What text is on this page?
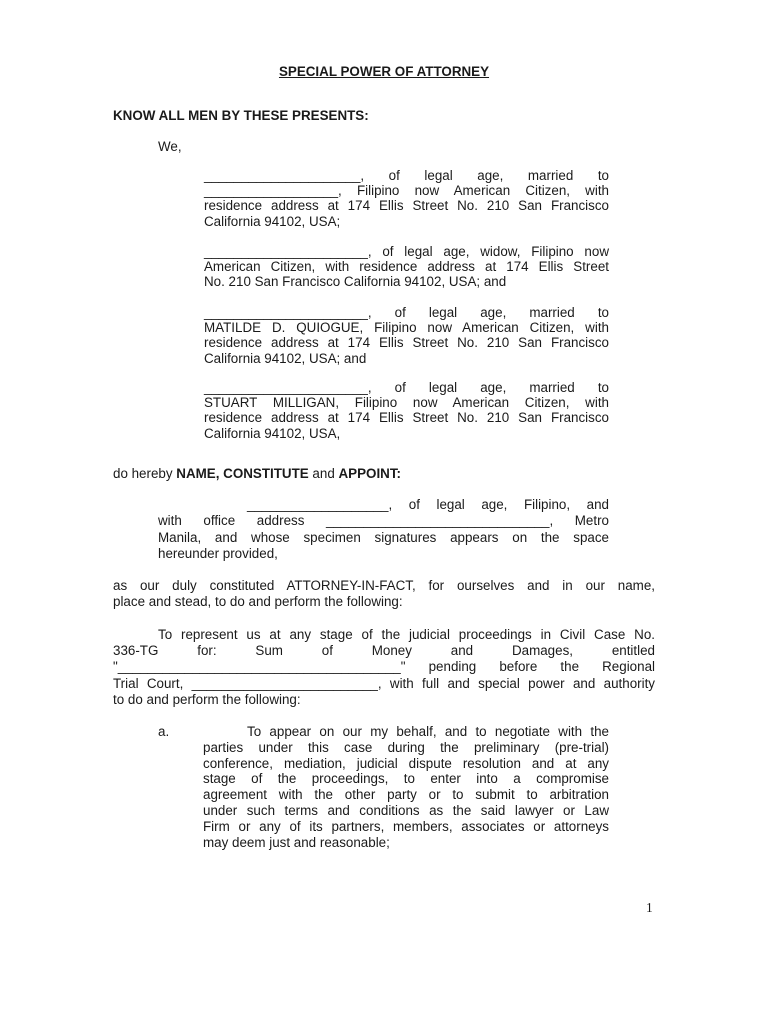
SPECIAL POWER OF ATTORNEY
KNOW ALL MEN BY THESE PRESENTS:
We,
_____________________, of legal age, married to
__________________, Filipino now American Citizen, with
residence address at 174 Ellis Street No. 210 San Francisco
California 94102, USA;
______________________, of legal age, widow, Filipino now
American Citizen, with residence address at 174 Ellis Street
No. 210 San Francisco California 94102, USA; and
______________________, of legal age, married to
MATILDE D. QUIOGUE, Filipino now American Citizen, with
residence address at 174 Ellis Street No. 210 San Francisco
California 94102, USA; and
______________________, of legal age, married to
STUART MILLIGAN, Filipino now American Citizen, with
residence address at 174 Ellis Street No. 210 San Francisco
California 94102, USA,
do hereby NAME, CONSTITUTE and APPOINT:
___________________, of legal age, Filipino, and
with office address ______________________________, Metro
Manila, and whose specimen signatures appears on the space
hereunder provided,
as our duly constituted ATTORNEY-IN-FACT, for ourselves and in our name,
place and stead, to do and perform the following:
To represent us at any stage of the judicial proceedings in Civil Case No.
336-TG for: Sum of Money and Damages, entitled
"______________________________________" pending before the Regional
Trial Court, _________________________, with full and special power and authority
to do and perform the following:
a.	To appear on our my behalf, and to negotiate with the
parties under this case during the preliminary (pre-trial)
conference, mediation, judicial dispute resolution and at any
stage of the proceedings, to enter into a compromise
agreement with the other party or to submit to arbitration
under such terms and conditions as the said lawyer or Law
Firm or any of its partners, members, associates or attorneys
may deem just and reasonable;
1
